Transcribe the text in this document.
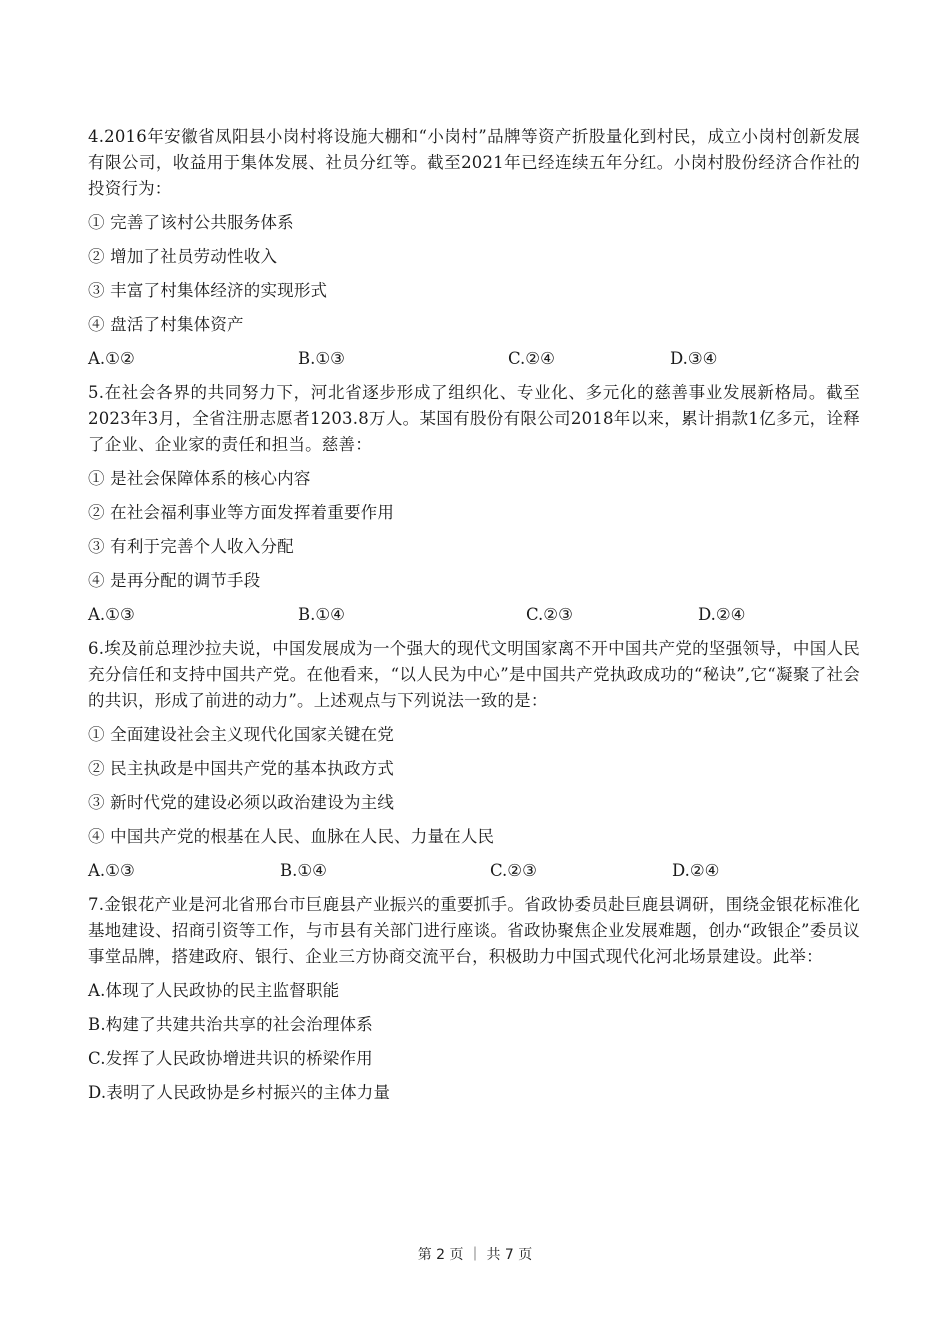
4.2016年安徽省凤阳县小岗村将设施大棚和“小岗村”品牌等资产折股量化到村民，成立小岗村创新发展有限公司，收益用于集体发展、社员分红等。截至2021年已经连续五年分红。小岗村股份经济合作社的投资行为：

① 完善了该村公共服务体系

② 增加了社员劳动性收入

③ 丰富了村集体经济的实现形式

④ 盘活了村集体资产

A.①②	B.①③	C.②④	D.③④

5.在社会各界的共同努力下，河北省逐步形成了组织化、专业化、多元化的慈善事业发展新格局。截至2023年3月，全省注册志愿者1203.8万人。某国有股份有限公司2018年以来，累计捐款1亿多元，诠释了企业、企业家的责任和担当。慈善：

① 是社会保障体系的核心内容

② 在社会福利事业等方面发挥着重要作用

③ 有利于完善个人收入分配

④ 是再分配的调节手段

A.①③	B.①④	C.②③	D.②④

6.埃及前总理沙拉夫说，中国发展成为一个强大的现代文明国家离不开中国共产党的坚强领导，中国人民充分信任和支持中国共产党。在他看来，“以人民为中心”是中国共产党执政成功的“秘诀”,它“凝聚了社会的共识，形成了前进的动力”。上述观点与下列说法一致的是：

① 全面建设社会主义现代化国家关键在党

② 民主执政是中国共产党的基本执政方式

③ 新时代党的建设必须以政治建设为主线

④ 中国共产党的根基在人民、血脉在人民、力量在人民

A.①③	B.①④	C.②③	D.②④

7.金银花产业是河北省邢台市巨鹿县产业振兴的重要抓手。省政协委员赴巨鹿县调研，围绕金银花标准化基地建设、招商引资等工作，与市县有关部门进行座谈。省政协聚焦企业发展难题，创办“政银企”委员议事堂品牌，搭建政府、银行、企业三方协商交流平台，积极助力中国式现代化河北场景建设。此举：

A.体现了人民政协的民主监督职能

B.构建了共建共治共享的社会治理体系

C.发挥了人民政协增进共识的桥梁作用

D.表明了人民政协是乡村振兴的主体力量

第 2 页 ｜ 共 7 页
